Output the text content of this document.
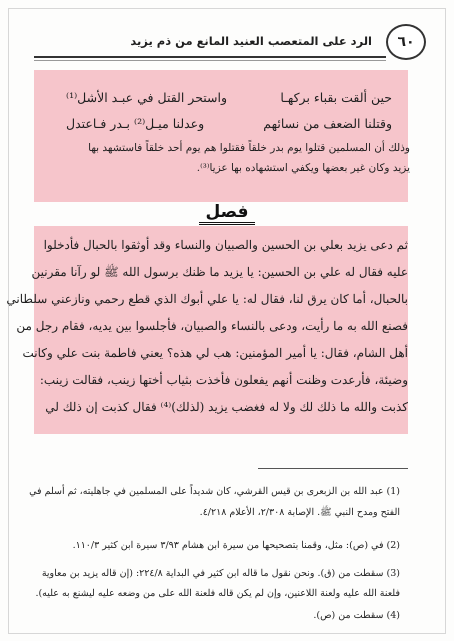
٦٠
الرد على المتعصب العنيد المانع من ذم يزيد
حين ألقت بقباء بركهـا
واستحر القتل في عبـد الأشل⁽¹⁾
وقتلنا الضعف من نسائهم
وعدلنا ميـل⁽²⁾ بـدر فـاعتدل
وذلك أن المسلمين قتلوا يوم بدر خلقاً فقتلوا هم يوم أحد خلقاً فاستشهد بها
يزيد وكان غير بعضها ويكفي استشهاده بها عزيا⁽³⁾.
فصل
ثم دعى يزيد بعلي بن الحسين والصبيان والنساء وقد أوثقوا بالحبال فأدخلوا
عليه فقال له علي بن الحسين: يا يزيد ما ظنك برسول الله ﷺ لو رآنا مقرنين
بالحبال، أما كان يرق لنا، فقال له: يا علي أبوك الذي قطع رحمي ونازعني سلطاني
فصنع الله به ما رأيت، ودعى بالنساء والصبيان، فأجلسوا بين يديه، فقام رجل من
أهل الشام، فقال: يا أمير المؤمنين: هب لي هذه؟ يعني فاطمة بنت علي وكانت
وضيئة، فأرعدت وظنت أنهم يفعلون فأخذت بثياب أختها زينب، فقالت زينب:
كذبت والله ما ذلك لك ولا له فغضب يزيد (لذلك)⁽⁴⁾ فقال كذبت إن ذلك لي
(1) عبد الله بن الزبعرى بن قيس القرشي، كان شديداً على المسلمين في جاهليته، ثم أسلم في
الفتح ومدح النبي ﷺ. الإصابة ٢/٣٠٨، الأعلام ٤/٢١٨.
(2) في (ص): مثل، وقمنا بتصحيحها من سيرة ابن هشام ٣/٩٣ سيرة ابن كثير ١١٠/٣.
(3) سقطت من (ق). ونحن نقول ما قاله ابن كثير في البداية ٢٢٤/٨: (إن قاله يزيد بن معاوية
فلعنة الله عليه ولعنة اللاعنين، وإن لم يكن قاله فلعنة الله على من وضعه عليه ليشنع به عليه).
(4) سقطت من (ص).
